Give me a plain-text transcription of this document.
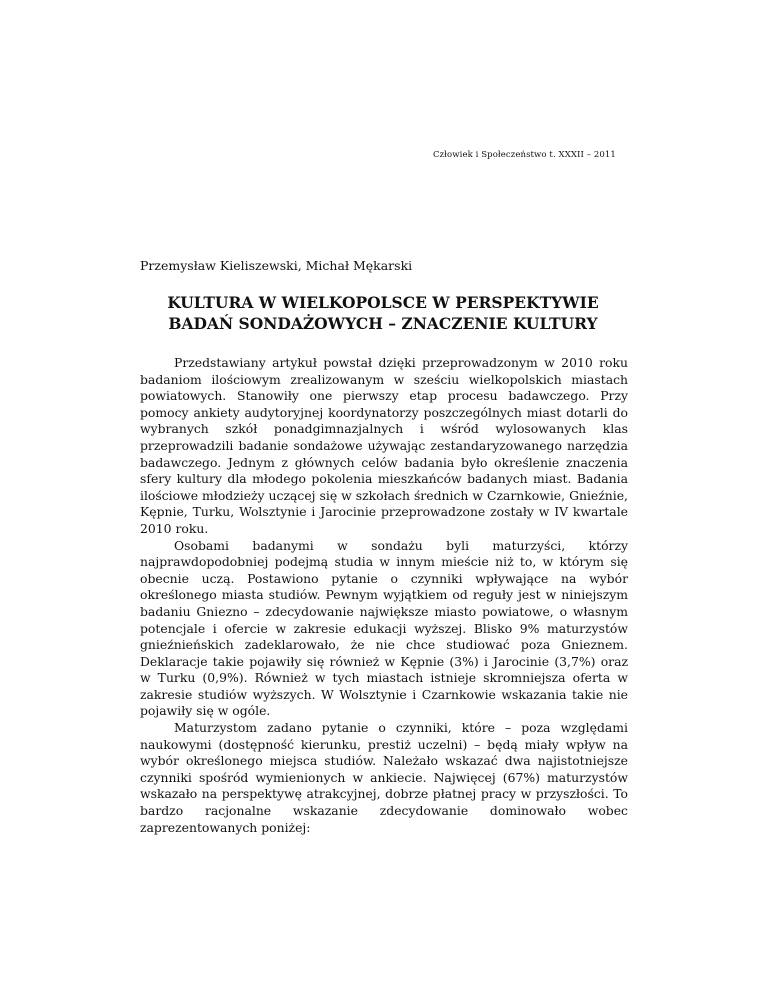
Człowiek i Społeczeństwo t. XXXII – 2011
Przemysław Kieliszewski, Michał Mękarski
KULTURA W WIELKOPOLSCE W PERSPEKTYWIE
BADAŃ SONDAŻOWYCH – ZNACZENIE KULTURY

Przedstawiany artykuł powstał dzięki przeprowadzonym w 2010 roku badaniom ilościowym zrealizowanym w sześciu wielkopolskich miastach powiatowych. Stanowiły one pierwszy etap procesu badawczego. Przy pomocy ankiety audytoryjnej koordynatorzy poszczególnych miast dotarli do wybranych szkół ponadgimnazjalnych i wśród wylosowanych klas przeprowadzili badanie sondażowe używając zestandaryzowanego narzędzia badawczego. Jednym z głównych celów badania było określenie znaczenia sfery kultury dla młodego pokolenia mieszkańców badanych miast. Badania ilościowe młodzieży uczącej się w szkołach średnich w Czarnkowie, Gnieźnie, Kępnie, Turku, Wolsztynie i Jarocinie przeprowadzone zostały w IV kwartale 2010 roku.

Osobami badanymi w sondażu byli maturzyści, którzy najprawdopodobniej podejmą studia w innym mieście niż to, w którym się obecnie uczą. Postawiono pytanie o czynniki wpływające na wybór określonego miasta studiów. Pewnym wyjątkiem od reguły jest w niniejszym badaniu Gniezno – zdecydowanie największe miasto powiatowe, o własnym potencjale i ofercie w zakresie edukacji wyższej. Blisko 9% maturzystów gnieźnieńskich zadeklarowało, że nie chce studiować poza Gnieznem. Deklaracje takie pojawiły się również w Kępnie (3%) i Jarocinie (3,7%) oraz w Turku (0,9%). Również w tych miastach istnieje skromniejsza oferta w zakresie studiów wyższych. W Wolsztynie i Czarnkowie wskazania takie nie pojawiły się w ogóle.

Maturzystom zadano pytanie o czynniki, które – poza względami naukowymi (dostępność kierunku, prestiż uczelni) – będą miały wpływ na wybór określonego miejsca studiów. Należało wskazać dwa najistotniejsze czynniki spośród wymienionych w ankiecie. Najwięcej (67%) maturzystów wskazało na perspektywę atrakcyjnej, dobrze płatnej pracy w przyszłości. To bardzo racjonalne wskazanie zdecydowanie dominowało wobec zaprezentowanych poniżej:
